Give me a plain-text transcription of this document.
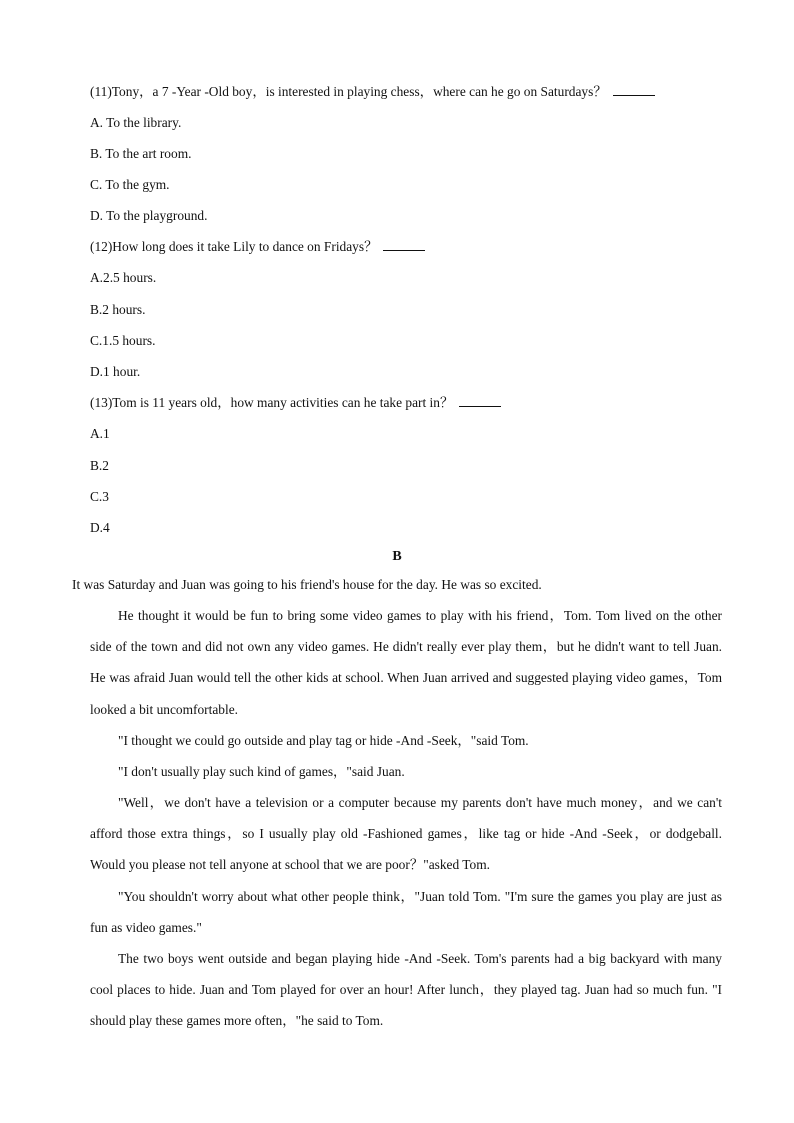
(11)Tony，a 7 -Year -Old boy，is interested in playing chess，where can he go on Saturdays？
A. To the library.
B. To the art room.
C. To the gym.
D. To the playground.
(12)How long does it take Lily to dance on Fridays？
A.2.5 hours.
B.2 hours.
C.1.5 hours.
D.1 hour.
(13)Tom is 11 years old，how many activities can he take part in？
A.1
B.2
C.3
D.4
B
It was Saturday and Juan was going to his friend's house for the day. He was so excited.
He thought it would be fun to bring some video games to play with his friend，Tom. Tom lived on the other side of the town and did not own any video games. He didn't really ever play them，but he didn't want to tell Juan. He was afraid Juan would tell the other kids at school. When Juan arrived and suggested playing video games，Tom looked a bit uncomfortable.
"I thought we could go outside and play tag or hide -And -Seek，"said Tom.
"I don't usually play such kind of games，"said Juan.
"Well，we don't have a television or a computer because my parents don't have much money，and we can't afford those extra things，so I usually play old -Fashioned games，like tag or hide -And -Seek，or dodgeball. Would you please not tell anyone at school that we are poor？"asked Tom.
"You shouldn't worry about what other people think，"Juan told Tom. "I'm sure the games you play are just as fun as video games."
The two boys went outside and began playing hide -And -Seek. Tom's parents had a big backyard with many cool places to hide. Juan and Tom played for over an hour! After lunch，they played tag. Juan had so much fun. "I should play these games more often，"he said to Tom.
